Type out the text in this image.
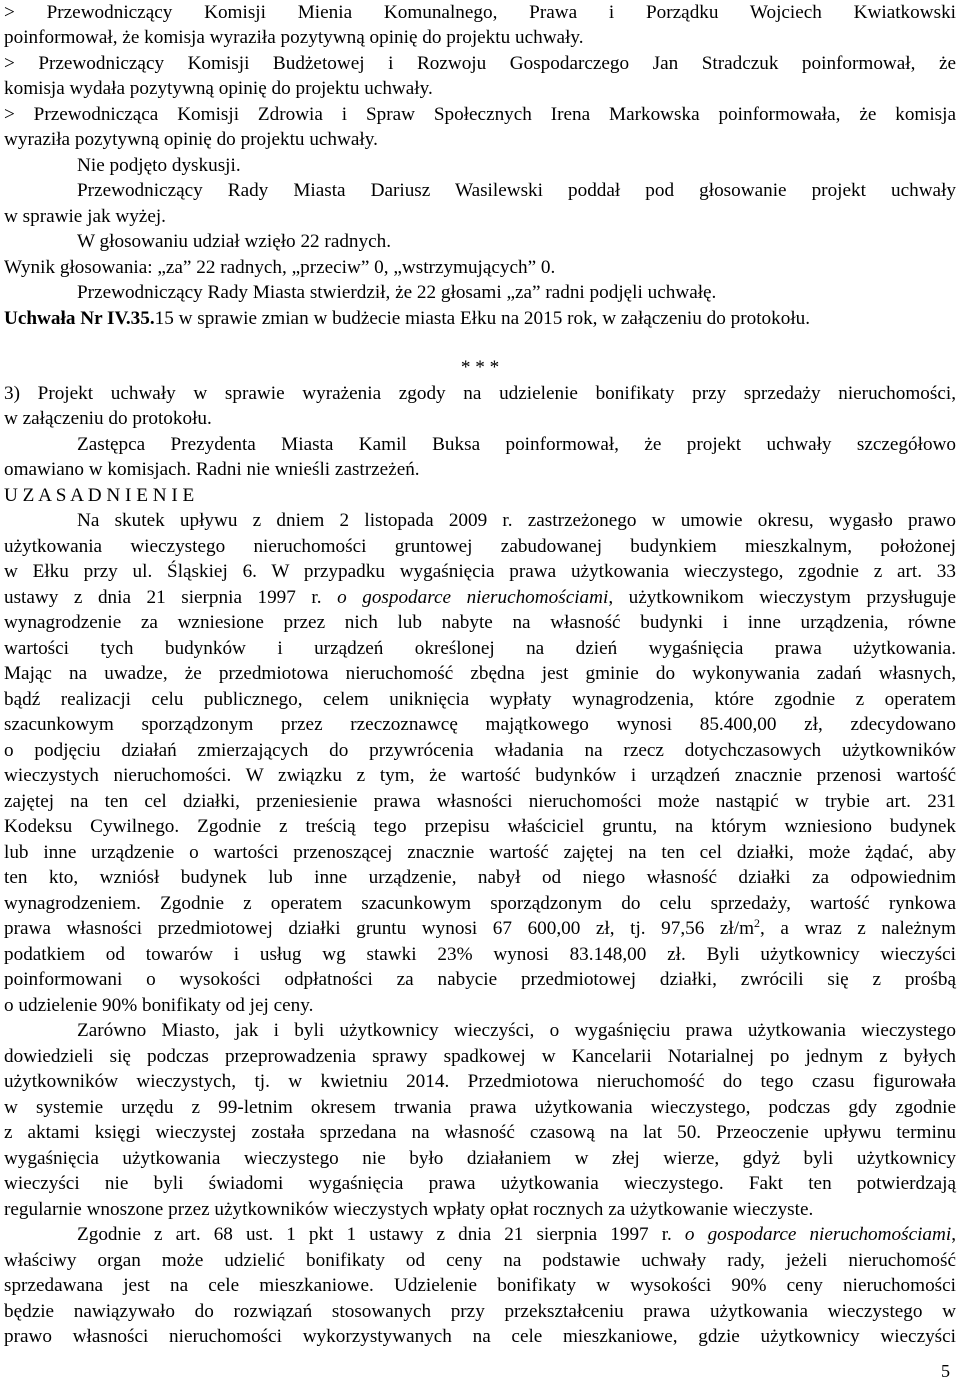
> Przewodniczący Komisji Mienia Komunalnego, Prawa i Porządku Wojciech Kwiatkowski
poinformował, że komisja wyraziła pozytywną opinię do projektu uchwały.
> Przewodniczący Komisji Budżetowej i Rozwoju Gospodarczego Jan Stradczuk poinformował, że
komisja wydała pozytywną opinię do projektu uchwały.
> Przewodnicząca Komisji Zdrowia i Spraw Społecznych Irena Markowska poinformowała, że komisja
wyraziła pozytywną opinię do projektu uchwały.
Nie podjęto dyskusji.
Przewodniczący Rady Miasta Dariusz Wasilewski poddał pod głosowanie projekt uchwały
w sprawie jak wyżej.
W głosowaniu udział wzięło 22 radnych.
Wynik głosowania: „za” 22 radnych, „przeciw” 0, „wstrzymujących” 0.
Przewodniczący Rady Miasta stwierdził, że 22 głosami „za” radni podjęli uchwałę.
Uchwała Nr IV.35.15 w sprawie zmian w budżecie miasta Ełku na 2015 rok, w załączeniu do protokołu.
* * *
3) Projekt uchwały w sprawie wyrażenia zgody na udzielenie bonifikaty przy sprzedaży nieruchomości,
w załączeniu do protokołu.
Zastępca Prezydenta Miasta Kamil Buksa poinformował, że projekt uchwały szczegółowo
omawiano w komisjach. Radni nie wnieśli zastrzeżeń.
U Z A S A D N I E N I E
Na skutek upływu z dniem 2 listopada 2009 r. zastrzeżonego w umowie okresu, wygasło prawo
użytkowania wieczystego nieruchomości gruntowej zabudowanej budynkiem mieszkalnym, położonej
w Ełku przy ul. Śląskiej 6. W przypadku wygaśnięcia prawa użytkowania wieczystego, zgodnie z art. 33
ustawy z dnia 21 sierpnia 1997 r. o gospodarce nieruchomościami, użytkownikom wieczystym przysługuje
wynagrodzenie za wzniesione przez nich lub nabyte na własność budynki i inne urządzenia, równe
wartości tych budynków i urządzeń określonej na dzień wygaśnięcia prawa użytkowania.
Mając na uwadze, że przedmiotowa nieruchomość zbędna jest gminie do wykonywania zadań własnych,
bądź realizacji celu publicznego, celem uniknięcia wypłaty wynagrodzenia, które zgodnie z operatem
szacunkowym sporządzonym przez rzeczoznawcę majątkowego wynosi 85.400,00 zł, zdecydowano
o podjęciu działań zmierzających do przywrócenia władania na rzecz dotychczasowych użytkowników
wieczystych nieruchomości. W związku z tym, że wartość budynków i urządzeń znacznie przenosi wartość
zajętej na ten cel działki, przeniesienie prawa własności nieruchomości może nastąpić w trybie art. 231
Kodeksu Cywilnego. Zgodnie z treścią tego przepisu właściciel gruntu, na którym wzniesiono budynek
lub inne urządzenie o wartości przenoszącej znacznie wartość zajętej na ten cel działki, może żądać, aby
ten kto, wzniósł budynek lub inne urządzenie, nabył od niego własność działki za odpowiednim
wynagrodzeniem. Zgodnie z operatem szacunkowym sporządzonym do celu sprzedaży, wartość rynkowa
prawa własności przedmiotowej działki gruntu wynosi 67 600,00 zł, tj. 97,56 $zł/m^2$, a wraz z należnym
podatkiem od towarów i usług wg stawki 23% wynosi 83.148,00 zł. Byli użytkownicy wieczyści
poinformowani o wysokości odpłatności za nabycie przedmiotowej działki, zwrócili się z prośbą
o udzielenie 90% bonifikaty od jej ceny.
Zarówno Miasto, jak i byli użytkownicy wieczyści, o wygaśnięciu prawa użytkowania wieczystego
dowiedzieli się podczas przeprowadzenia sprawy spadkowej w Kancelarii Notarialnej po jednym z byłych
użytkowników wieczystych, tj. w kwietniu 2014. Przedmiotowa nieruchomość do tego czasu figurowała
w systemie urzędu z 99-letnim okresem trwania prawa użytkowania wieczystego, podczas gdy zgodnie
z aktami księgi wieczystej została sprzedana na własność czasową na lat 50. Przeoczenie upływu terminu
wygaśnięcia użytkowania wieczystego nie było działaniem w złej wierze, gdyż byli użytkownicy
wieczyści nie byli świadomi wygaśnięcia prawa użytkowania wieczystego. Fakt ten potwierdzają
regularnie wnoszone przez użytkowników wieczystych wpłaty opłat rocznych za użytkowanie wieczyste.
Zgodnie z art. 68 ust. 1 pkt 1 ustawy z dnia 21 sierpnia 1997 r. o gospodarce nieruchomościami,
właściwy organ może udzielić bonifikaty od ceny na podstawie uchwały rady, jeżeli nieruchomość
sprzedawana jest na cele mieszkaniowe. Udzielenie bonifikaty w wysokości 90% ceny nieruchomości
będzie nawiązywało do rozwiązań stosowanych przy przekształceniu prawa użytkowania wieczystego w
prawo własności nieruchomości wykorzystywanych na cele mieszkaniowe, gdzie użytkownicy wieczyści
5
